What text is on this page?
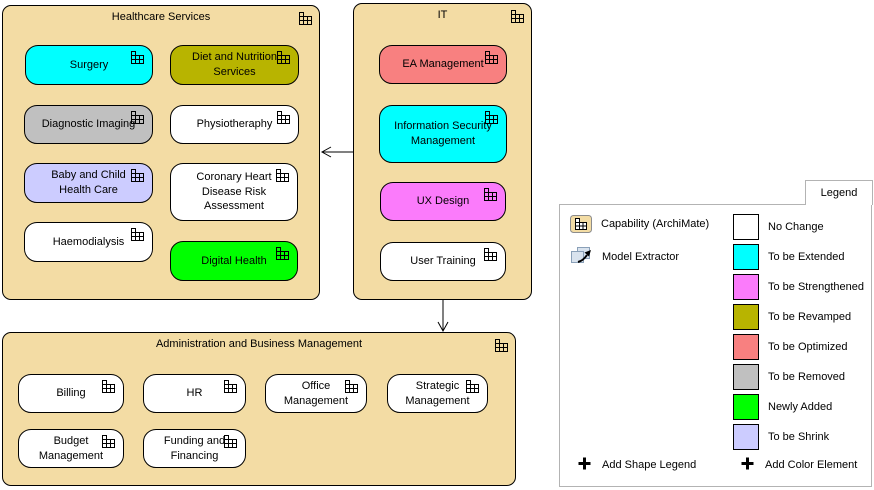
Healthcare Services
Surgery
Diet and Nutrition Services
Diagnostic Imaging	Physiotheraphy
Baby and Child Health Care
Coronary Heart Disease Risk Assessment
Haemodialysis
Digital Health
IT
EA Management
Information Security Management
UX Design
User Training
Administration and Business Management
Billing	HR
Office Management
Strategic Management
Budget Management
Funding and Financing
Capability (ArchiMate)
Model Extractor
No Change
To be Extended
To be Strengthened
To be Revamped
To be Optimized
To be Removed
Newly Added
To be Shrink
Legend
Add Shape Legend	Add Color Element
